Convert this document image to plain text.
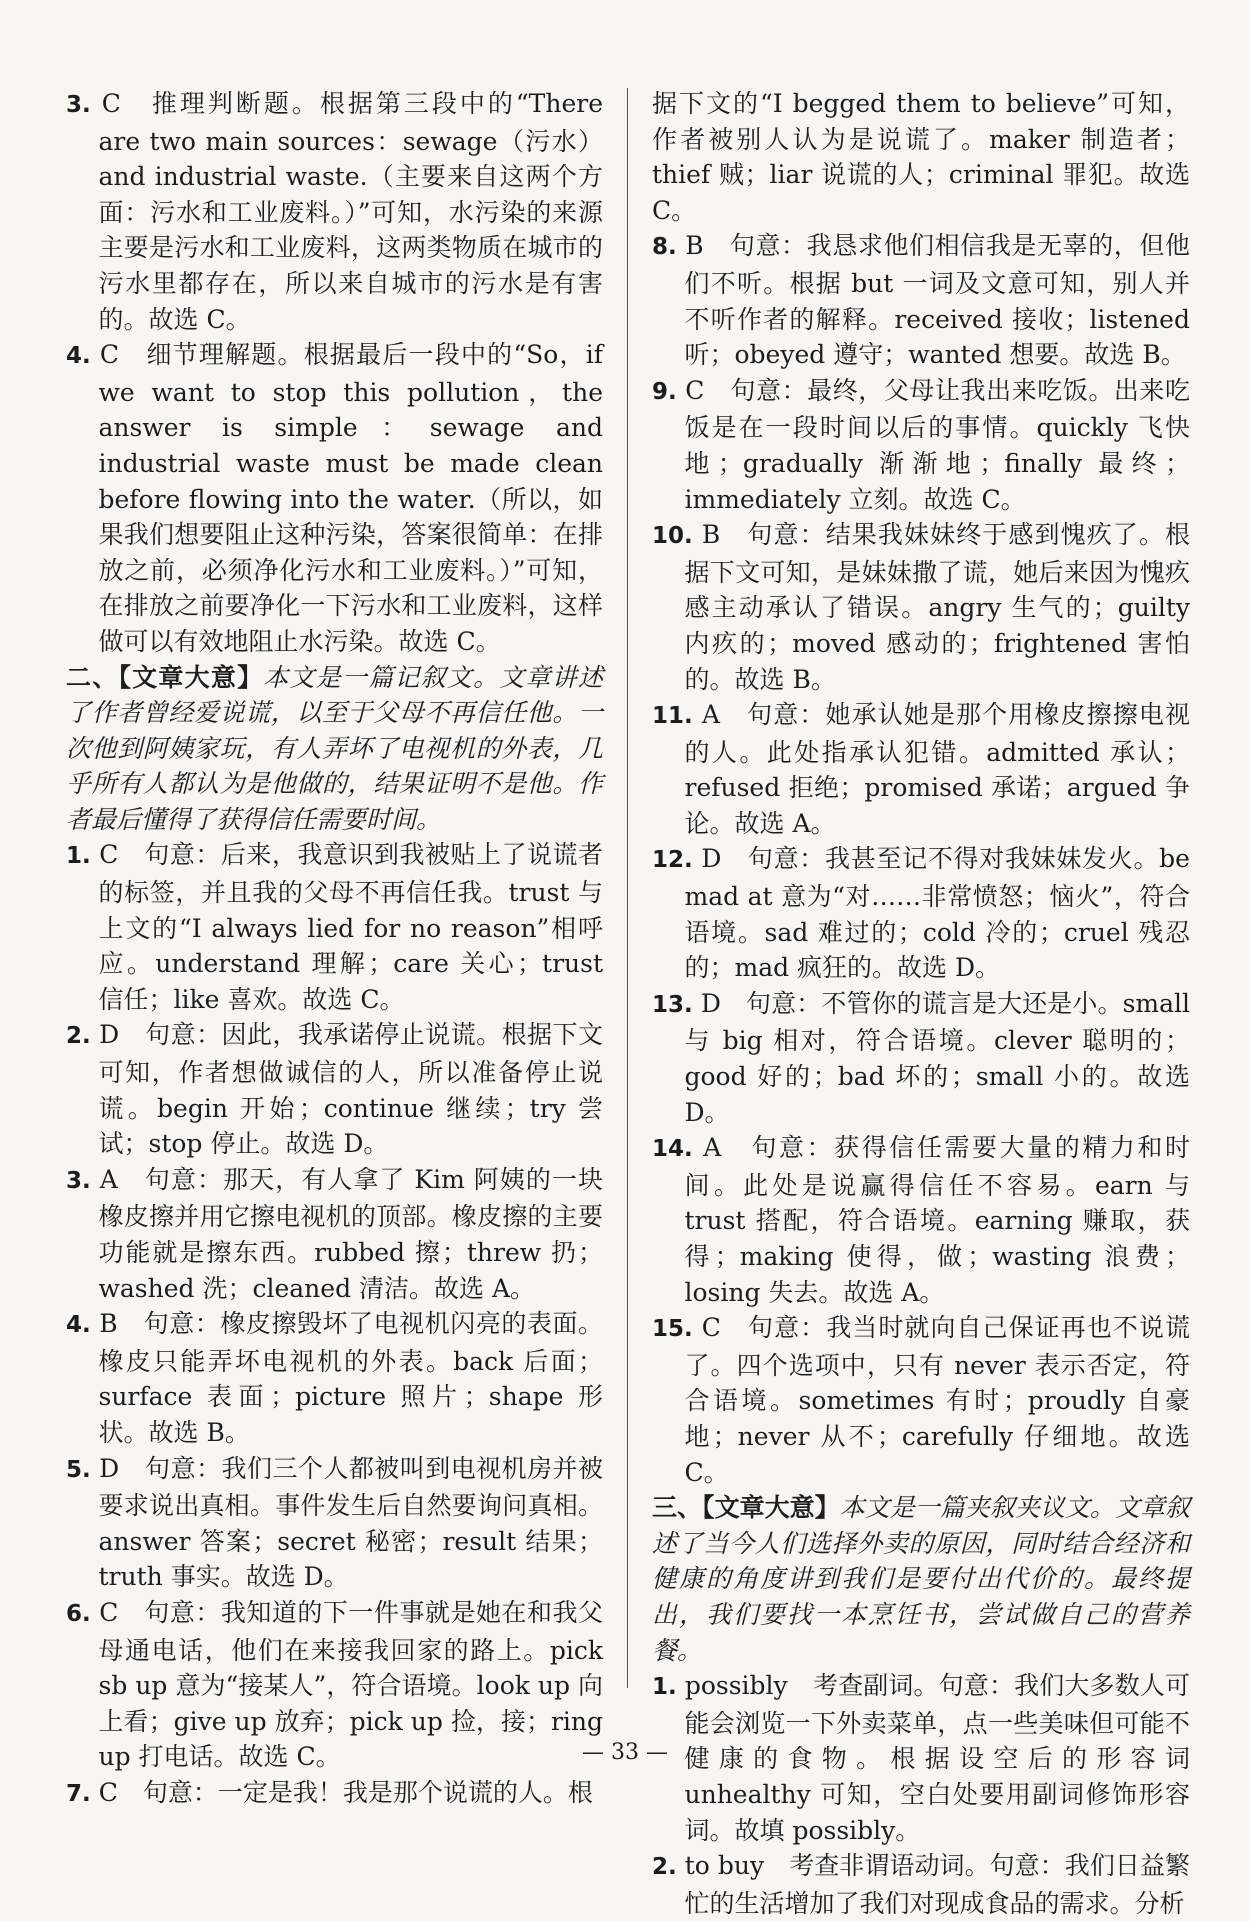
3. C　推理判断题。根据第三段中的“There are two main sources：sewage（污水）and industrial waste.（主要来自这两个方面：污水和工业废料。）”可知，水污染的来源主要是污水和工业废料，这两类物质在城市的污水里都存在，所以来自城市的污水是有害的。故选 C。

4. C　细节理解题。根据最后一段中的“So，if we want to stop this pollution，the answer is simple：sewage and industrial waste must be made clean before flowing into the water.（所以，如果我们想要阻止这种污染，答案很简单：在排放之前，必须净化污水和工业废料。）”可知，在排放之前要净化一下污水和工业废料，这样做可以有效地阻止水污染。故选 C。

二、【文章大意】本文是一篇记叙文。文章讲述了作者曾经爱说谎，以至于父母不再信任他。一次他到阿姨家玩，有人弄坏了电视机的外表，几乎所有人都认为是他做的，结果证明不是他。作者最后懂得了获得信任需要时间。

1. C　句意：后来，我意识到我被贴上了说谎者的标签，并且我的父母不再信任我。trust 与上文的“I always lied for no reason”相呼应。understand 理解；care 关心；trust 信任；like 喜欢。故选 C。

2. D　句意：因此，我承诺停止说谎。根据下文可知，作者想做诚信的人，所以准备停止说谎。begin 开始；continue 继续；try 尝试；stop 停止。故选 D。

3. A　句意：那天，有人拿了 Kim 阿姨的一块橡皮擦并用它擦电视机的顶部。橡皮擦的主要功能就是擦东西。rubbed 擦；threw 扔；washed 洗；cleaned 清洁。故选 A。

4. B　句意：橡皮擦毁坏了电视机闪亮的表面。橡皮只能弄坏电视机的外表。back 后面；surface 表面；picture 照片；shape 形状。故选 B。

5. D　句意：我们三个人都被叫到电视机房并被要求说出真相。事件发生后自然要询问真相。answer 答案；secret 秘密；result 结果；truth 事实。故选 D。

6. C　句意：我知道的下一件事就是她在和我父母通电话，他们在来接我回家的路上。pick sb up 意为“接某人”，符合语境。look up 向上看；give up 放弃；pick up 捡，接；ring up 打电话。故选 C。

7. C　句意：一定是我！我是那个说谎的人。根

据下文的“I begged them to believe”可知，作者被别人认为是说谎了。maker 制造者；thief 贼；liar 说谎的人；criminal 罪犯。故选 C。

8. B　句意：我恳求他们相信我是无辜的，但他们不听。根据 but 一词及文意可知，别人并不听作者的解释。received 接收；listened 听；obeyed 遵守；wanted 想要。故选 B。

9. C　句意：最终，父母让我出来吃饭。出来吃饭是在一段时间以后的事情。quickly 飞快地；gradually 渐渐地；finally 最终；immediately 立刻。故选 C。

10. B　句意：结果我妹妹终于感到愧疚了。根据下文可知，是妹妹撒了谎，她后来因为愧疚感主动承认了错误。angry 生气的；guilty 内疚的；moved 感动的；frightened 害怕的。故选 B。

11. A　句意：她承认她是那个用橡皮擦擦电视的人。此处指承认犯错。admitted 承认；refused 拒绝；promised 承诺；argued 争论。故选 A。

12. D　句意：我甚至记不得对我妹妹发火。be mad at 意为“对……非常愤怒；恼火”，符合语境。sad 难过的；cold 冷的；cruel 残忍的；mad 疯狂的。故选 D。

13. D　句意：不管你的谎言是大还是小。small 与 big 相对，符合语境。clever 聪明的；good 好的；bad 坏的；small 小的。故选 D。

14. A　句意：获得信任需要大量的精力和时间。此处是说赢得信任不容易。earn 与 trust 搭配，符合语境。earning 赚取，获得；making 使得，做；wasting 浪费；losing 失去。故选 A。

15. C　句意：我当时就向自己保证再也不说谎了。四个选项中，只有 never 表示否定，符合语境。sometimes 有时；proudly 自豪地；never 从不；carefully 仔细地。故选 C。

三、【文章大意】本文是一篇夹叙夹议文。文章叙述了当今人们选择外卖的原因，同时结合经济和健康的角度讲到我们是要付出代价的。最终提出，我们要找一本烹饪书，尝试做自己的营养餐。

1. possibly　考查副词。句意：我们大多数人可能会浏览一下外卖菜单，点一些美味但可能不健康的食物。根据设空后的形容词 unhealthy 可知，空白处要用副词修饰形容词。故填 possibly。

2. to buy　考查非谓语动词。句意：我们日益繁忙的生活增加了我们对现成食品的需求。分析

— 33 —
